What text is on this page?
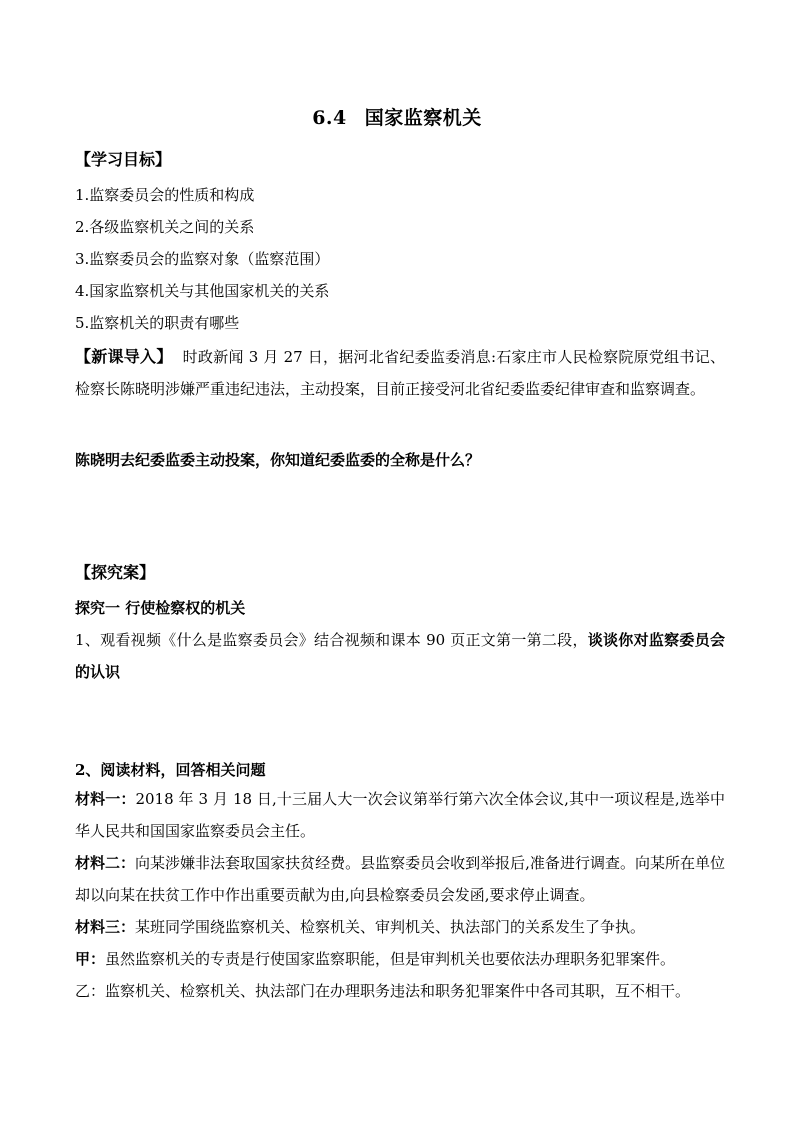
6.4 国家监察机关
【学习目标】
1.监察委员会的性质和构成
2.各级监察机关之间的关系
3.监察委员会的监察对象（监察范围）
4.国家监察机关与其他国家机关的关系
5.监察机关的职责有哪些
【新课导入】 时政新闻 3 月 27 日，据河北省纪委监委消息:石家庄市人民检察院原党组书记、检察长陈晓明涉嫌严重违纪违法，主动投案，目前正接受河北省纪委监委纪律审查和监察调查。
陈晓明去纪委监委主动投案，你知道纪委监委的全称是什么？
【探究案】
探究一 行使检察权的机关
1、观看视频《什么是监察委员会》结合视频和课本 90 页正文第一第二段，谈谈你对监察委员会的认识
2、阅读材料，回答相关问题
材料一：2018 年 3 月 18 日,十三届人大一次会议第举行第六次全体会议,其中一项议程是,选举中华人民共和国国家监察委员会主任。
材料二：向某涉嫌非法套取国家扶贫经费。县监察委员会收到举报后,准备进行调查。向某所在单位却以向某在扶贫工作中作出重要贡献为由,向县检察委员会发函,要求停止调查。
材料三：某班同学围绕监察机关、检察机关、审判机关、执法部门的关系发生了争执。
甲：虽然监察机关的专责是行使国家监察职能，但是审判机关也要依法办理职务犯罪案件。
乙：监察机关、检察机关、执法部门在办理职务违法和职务犯罪案件中各司其职，互不相干。
